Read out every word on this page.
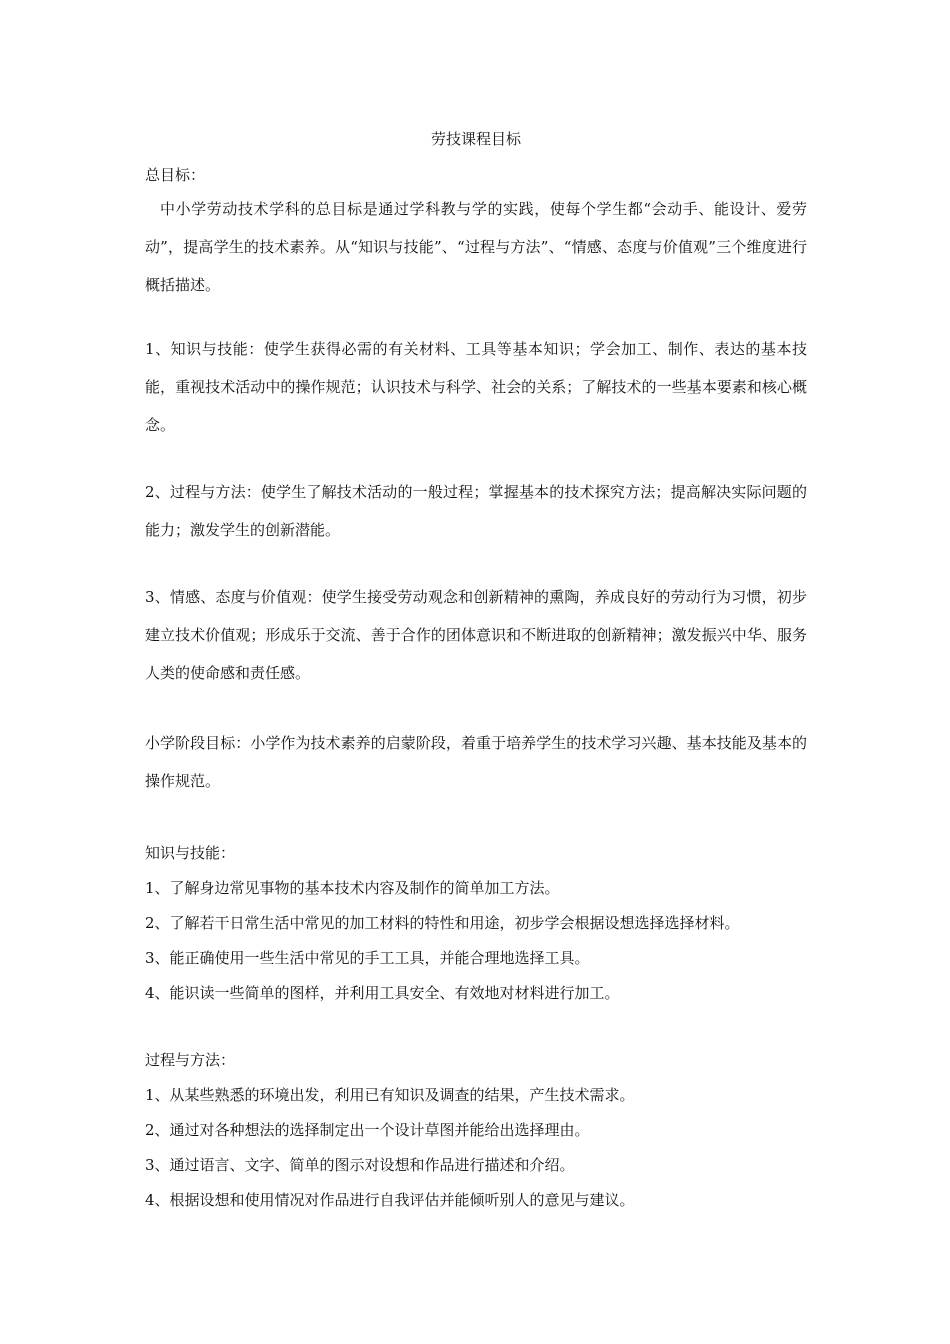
劳技课程目标
总目标：
中小学劳动技术学科的总目标是通过学科教与学的实践，使每个学生都“会动手、能设计、爱劳动”，提高学生的技术素养。从“知识与技能”、“过程与方法”、“情感、态度与价值观”三个维度进行概括描述。
1、知识与技能：使学生获得必需的有关材料、工具等基本知识；学会加工、制作、表达的基本技能，重视技术活动中的操作规范；认识技术与科学、社会的关系；了解技术的一些基本要素和核心概念。
2、过程与方法：使学生了解技术活动的一般过程；掌握基本的技术探究方法；提高解决实际问题的能力；激发学生的创新潜能。
3、情感、态度与价值观：使学生接受劳动观念和创新精神的熏陶，养成良好的劳动行为习惯，初步建立技术价值观；形成乐于交流、善于合作的团体意识和不断进取的创新精神；激发振兴中华、服务人类的使命感和责任感。
小学阶段目标：小学作为技术素养的启蒙阶段，着重于培养学生的技术学习兴趣、基本技能及基本的操作规范。
知识与技能：
1、了解身边常见事物的基本技术内容及制作的简单加工方法。
2、了解若干日常生活中常见的加工材料的特性和用途，初步学会根据设想选择选择材料。
3、能正确使用一些生活中常见的手工工具，并能合理地选择工具。
4、能识读一些简单的图样，并利用工具安全、有效地对材料进行加工。
过程与方法：
1、从某些熟悉的环境出发，利用已有知识及调查的结果，产生技术需求。
2、通过对各种想法的选择制定出一个设计草图并能给出选择理由。
3、通过语言、文字、简单的图示对设想和作品进行描述和介绍。
4、根据设想和使用情况对作品进行自我评估并能倾听别人的意见与建议。
